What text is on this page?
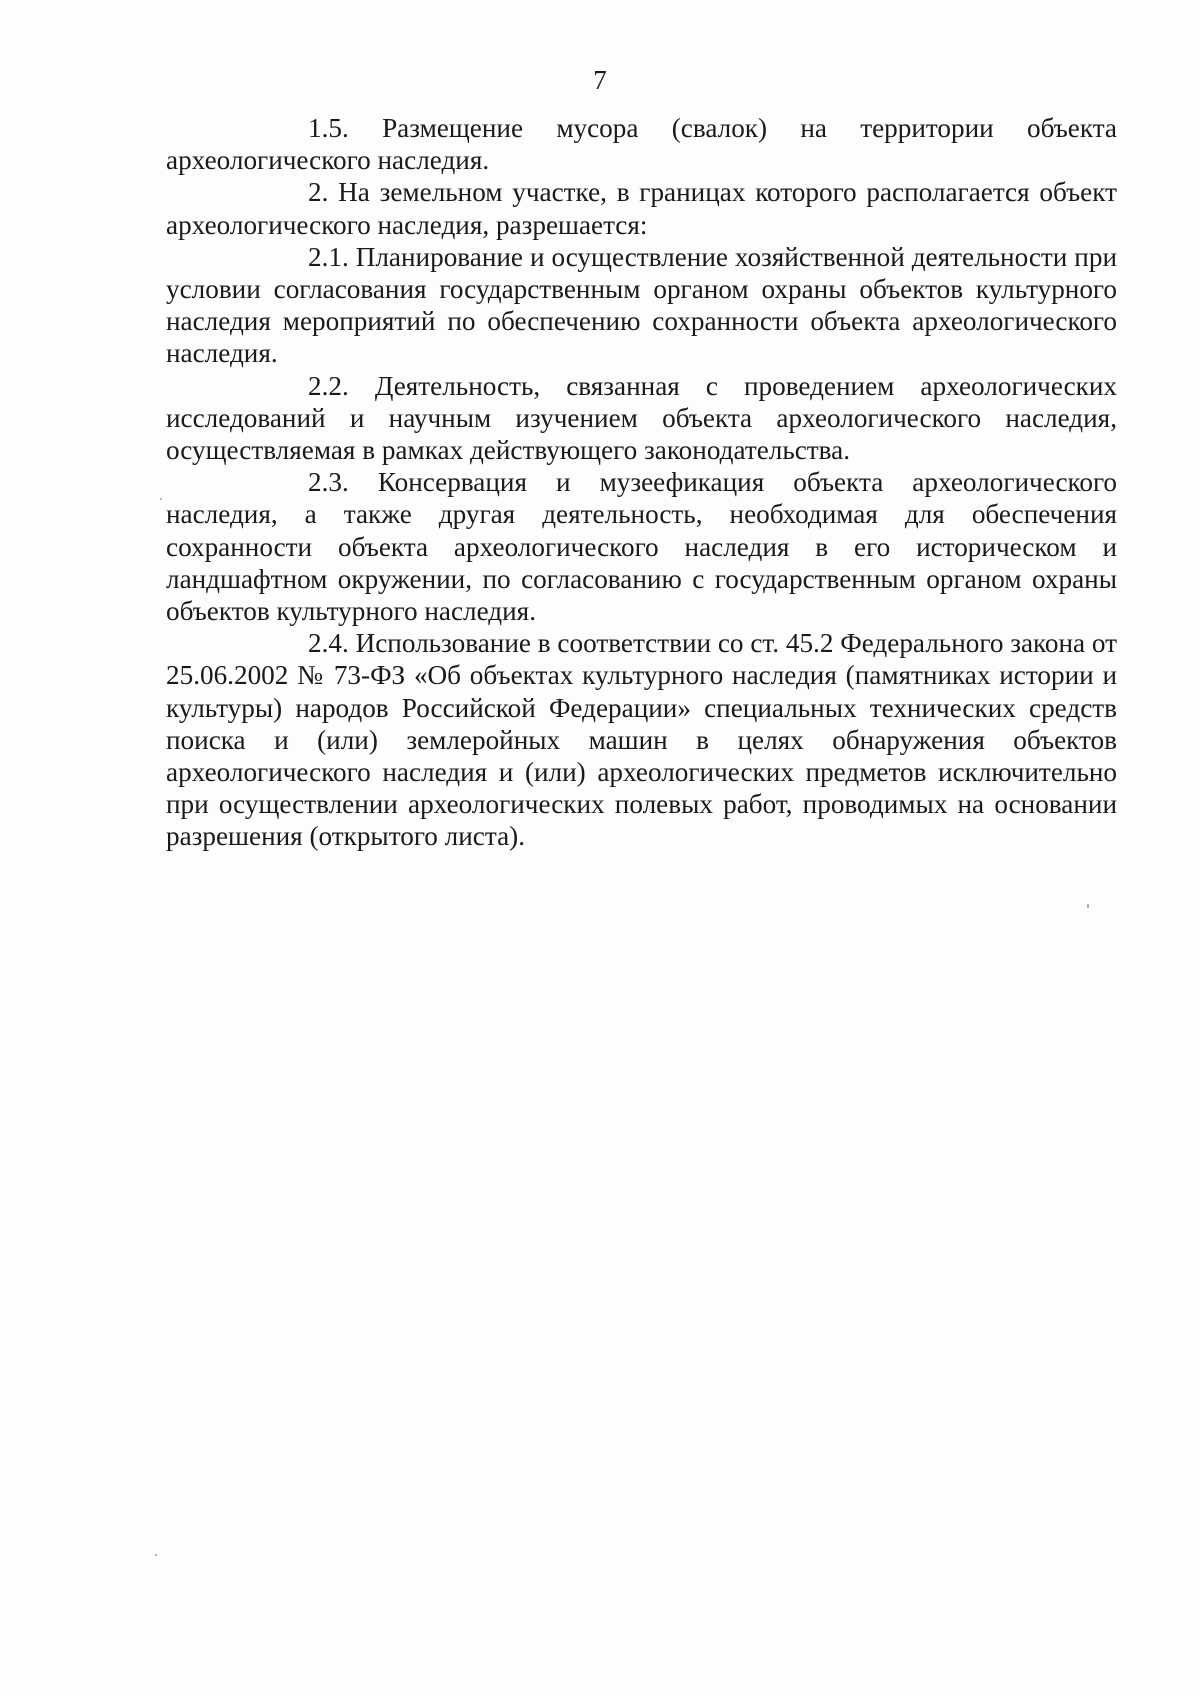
7

1.5. Размещение мусора (свалок) на территории объекта археологического наследия.

2. На земельном участке, в границах которого располагается объект археологического наследия, разрешается:

2.1. Планирование и осуществление хозяйственной деятельности при условии согласования государственным органом охраны объектов культурного наследия мероприятий по обеспечению сохранности объекта археологического наследия.

2.2. Деятельность, связанная с проведением археологических исследований и научным изучением объекта археологического наследия, осуществляемая в рамках действующего законодательства.

2.3. Консервация и музеефикация объекта археологического наследия, а также другая деятельность, необходимая для обеспечения сохранности объекта археологического наследия в его историческом и ландшафтном окружении, по согласованию с государственным органом охраны объектов культурного наследия.

2.4. Использование в соответствии со ст. 45.2 Федерального закона от 25.06.2002 № 73-ФЗ «Об объектах культурного наследия (памятниках истории и культуры) народов Российской Федерации» специальных технических средств поиска и (или) землеройных машин в целях обнаружения объектов археологического наследия и (или) археологических предметов исключительно при осуществлении археологических полевых работ, проводимых на основании разрешения (открытого листа).
